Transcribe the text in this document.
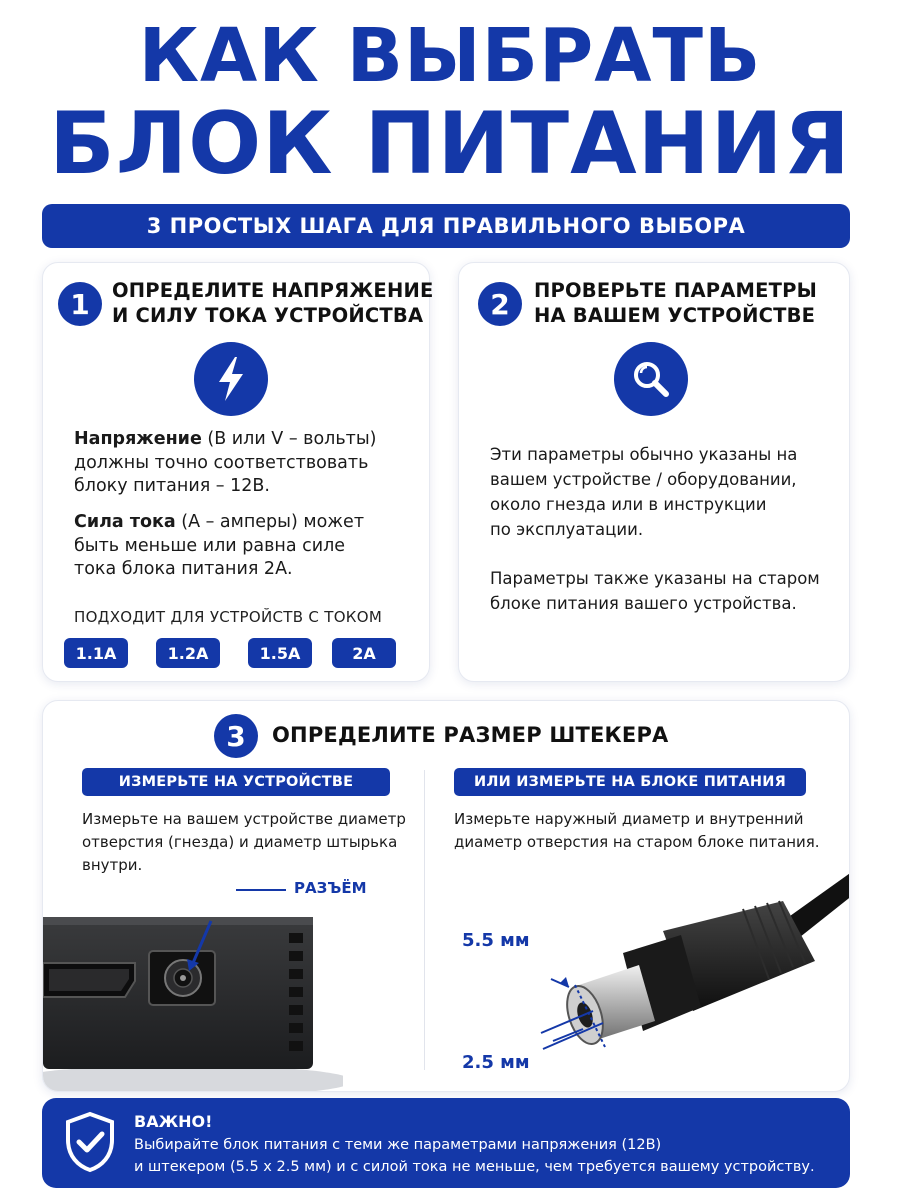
КАК ВЫБРАТЬ
БЛОК ПИТАНИЯ
3 ПРОСТЫХ ШАГА ДЛЯ ПРАВИЛЬНОГО ВЫБОРА
1	ОПРЕДЕЛИТЕ НАПРЯЖЕНИЕ
И СИЛУ ТОКА УСТРОЙСТВА
Напряжение (В или V – вольты)
должны точно соответствовать
блоку питания – 12В.
Сила тока (А – амперы) может
быть меньше или равна силе
тока блока питания 2А.
ПОДХОДИТ ДЛЯ УСТРОЙСТВ С ТОКОМ
1.1A	1.2A	1.5A	2A
2	ПРОВЕРЬТЕ ПАРАМЕТРЫ
НА ВАШЕМ УСТРОЙСТВЕ
Эти параметры обычно указаны на
вашем устройстве / оборудовании,
около гнезда или в инструкции
по эксплуатации.
Параметры также указаны на старом
блоке питания вашего устройства.
3	ОПРЕДЕЛИТЕ РАЗМЕР ШТЕКЕРА
ИЗМЕРЬТЕ НА УСТРОЙСТВЕ	ИЛИ ИЗМЕРЬТЕ НА БЛОКЕ ПИТАНИЯ
Измерьте на вашем устройстве диаметр
отверстия (гнезда) и диаметр штырька
внутри.
РАЗЪЁМ
Измерьте наружный диаметр и внутренний
диаметр отверстия на старом блоке питания.
5.5 мм
2.5 мм
ВАЖНО!
Выбирайте блок питания с теми же параметрами напряжения (12В)
и штекером (5.5 x 2.5 мм) и с силой тока не меньше, чем требуется вашему устройству.
